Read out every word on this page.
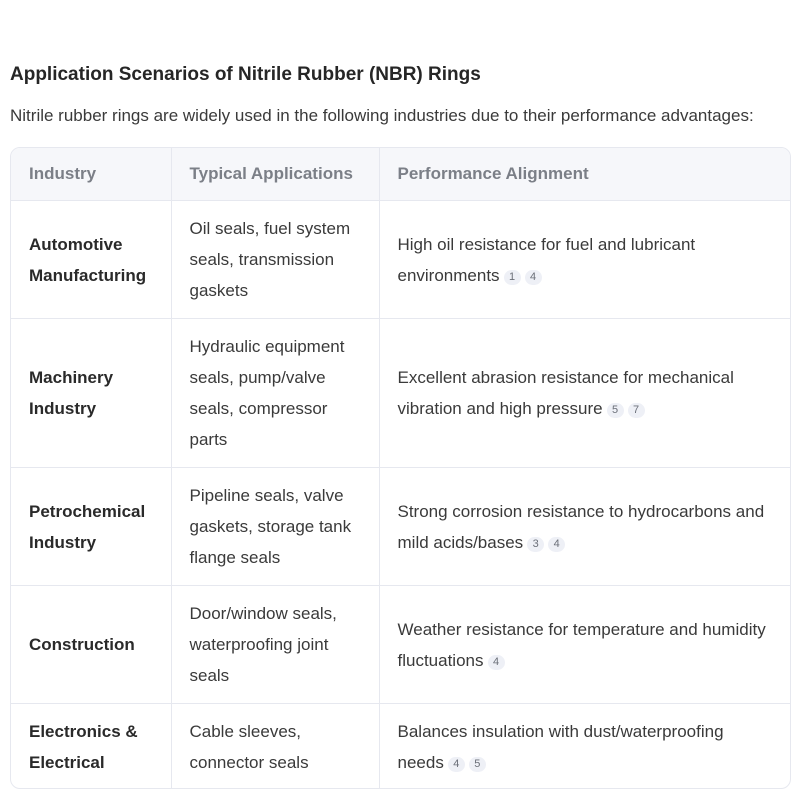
Application Scenarios of Nitrile Rubber (NBR) Rings

Nitrile rubber rings are widely used in the following industries due to their performance advantages:

Industry	Typical Applications	Performance Alignment
Automotive Manufacturing	Oil seals, fuel system seals, transmission gaskets	High oil resistance for fuel and lubricant environments 1 4
Machinery Industry	Hydraulic equipment seals, pump/valve seals, compressor parts	Excellent abrasion resistance for mechanical vibration and high pressure 5 7
Petrochemical Industry	Pipeline seals, valve gaskets, storage tank flange seals	Strong corrosion resistance to hydrocarbons and mild acids/bases 3 4
Construction	Door/window seals, waterproofing joint seals	Weather resistance for temperature and humidity fluctuations 4
Electronics & Electrical	Cable sleeves, connector seals	Balances insulation with dust/waterproofing needs 4 5
